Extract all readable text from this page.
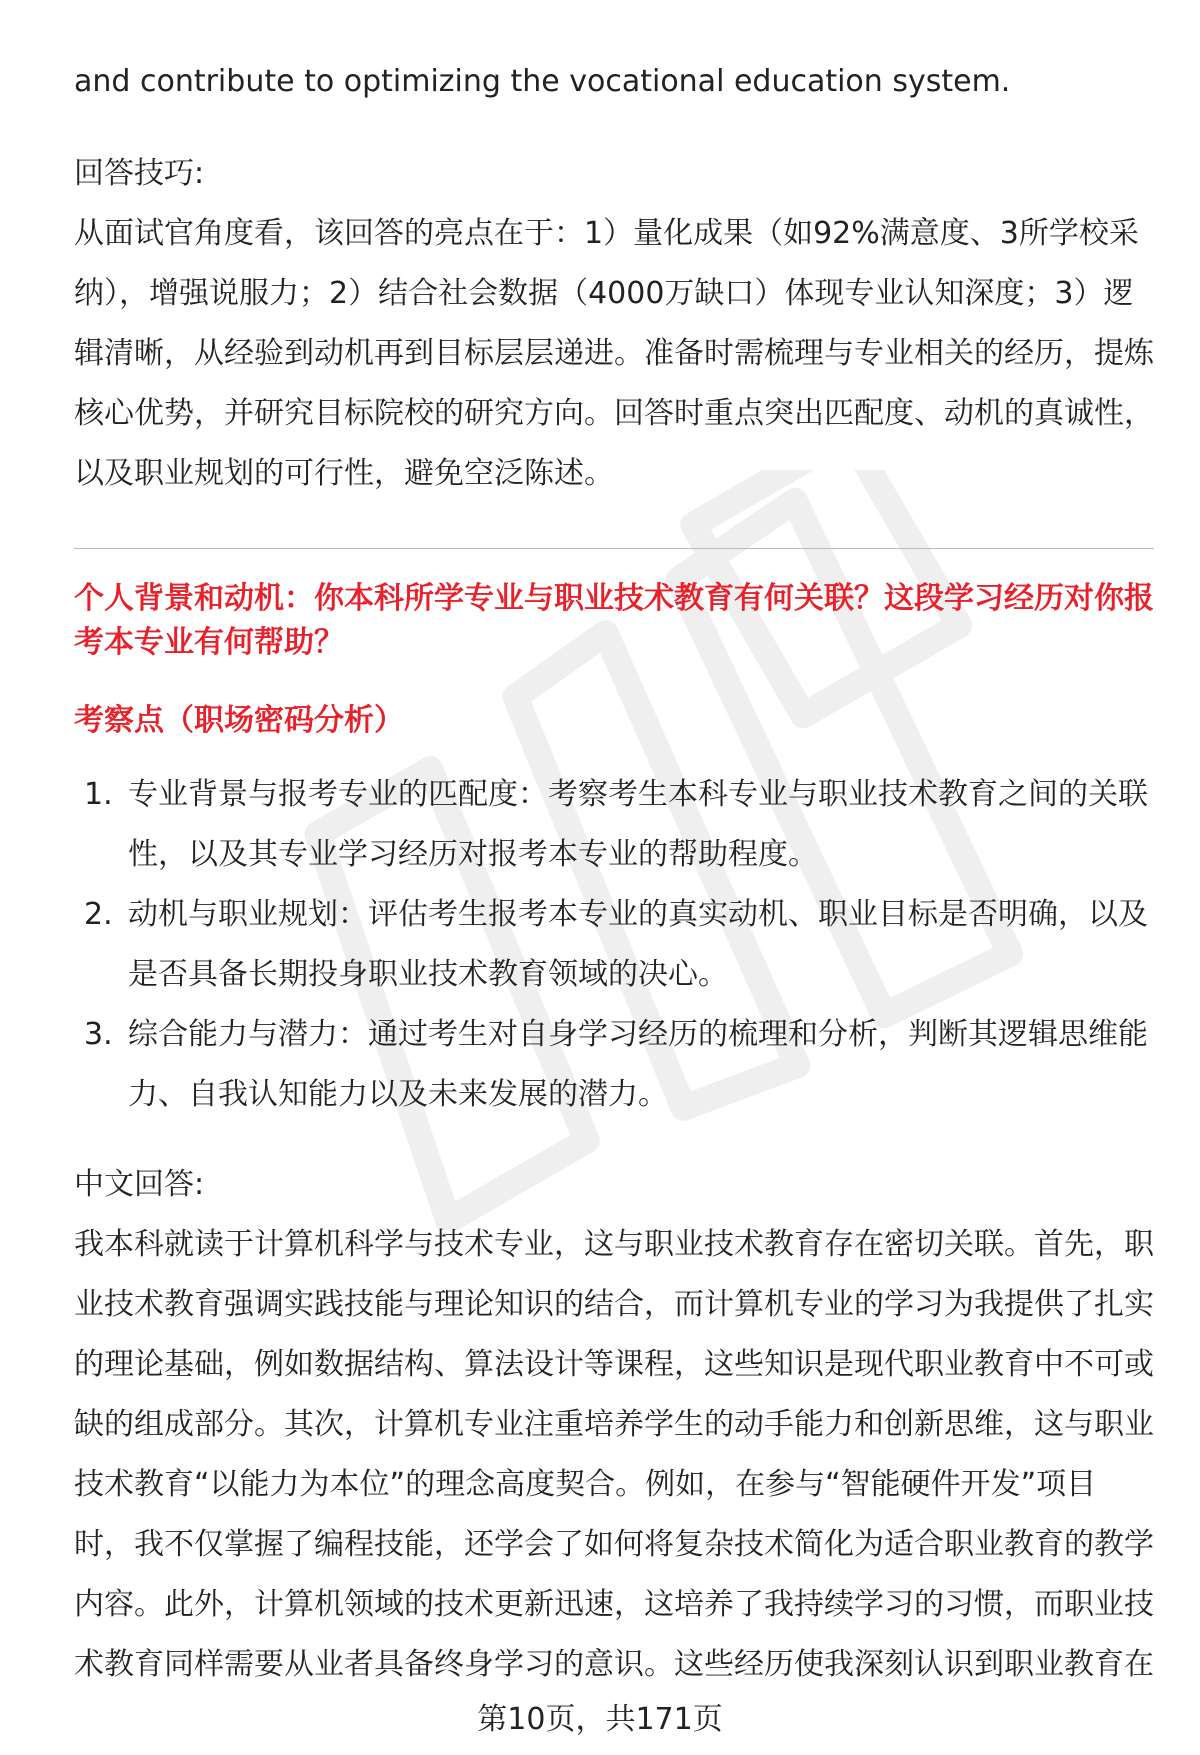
and contribute to optimizing the vocational education system.

回答技巧:

从面试官角度看，该回答的亮点在于：1）量化成果（如92%满意度、3所学校采纳），增强说服力；2）结合社会数据（4000万缺口）体现专业认知深度；3）逻辑清晰，从经验到动机再到目标层层递进。准备时需梳理与专业相关的经历，提炼核心优势，并研究目标院校的研究方向。回答时重点突出匹配度、动机的真诚性，以及职业规划的可行性，避免空泛陈述。

个人背景和动机：你本科所学专业与职业技术教育有何关联？这段学习经历对你报考本专业有何帮助？

考察点（职场密码分析）

1. 专业背景与报考专业的匹配度：考察考生本科专业与职业技术教育之间的关联性，以及其专业学习经历对报考本专业的帮助程度。
2. 动机与职业规划：评估考生报考本专业的真实动机、职业目标是否明确，以及是否具备长期投身职业技术教育领域的决心。
3. 综合能力与潜力：通过考生对自身学习经历的梳理和分析，判断其逻辑思维能力、自我认知能力以及未来发展的潜力。

中文回答:

我本科就读于计算机科学与技术专业，这与职业技术教育存在密切关联。首先，职业技术教育强调实践技能与理论知识的结合，而计算机专业的学习为我提供了扎实的理论基础，例如数据结构、算法设计等课程，这些知识是现代职业教育中不可或缺的组成部分。其次，计算机专业注重培养学生的动手能力和创新思维，这与职业技术教育“以能力为本位”的理念高度契合。例如，在参与“智能硬件开发”项目时，我不仅掌握了编程技能，还学会了如何将复杂技术简化为适合职业教育的教学内容。此外，计算机领域的技术更新迅速，这培养了我持续学习的习惯，而职业技术教育同样需要从业者具备终身学习的意识。这些经历使我深刻认识到职业教育在

第10页，共171页
